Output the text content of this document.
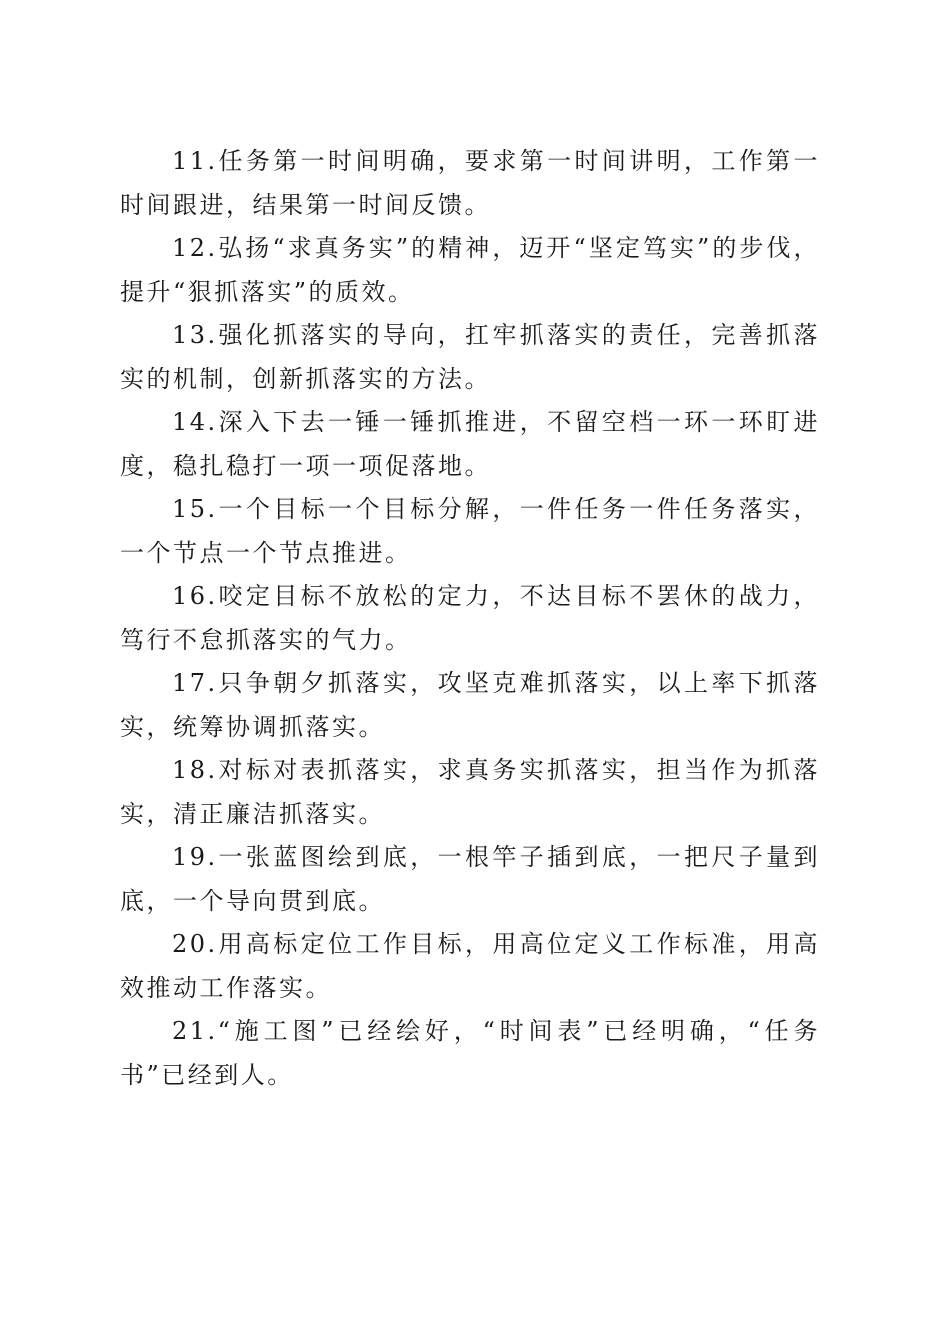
11.任务第一时间明确，要求第一时间讲明，工作第一时间跟进，结果第一时间反馈。

12.弘扬“求真务实”的精神，迈开“坚定笃实”的步伐，提升“狠抓落实”的质效。

13.强化抓落实的导向，扛牢抓落实的责任，完善抓落实的机制，创新抓落实的方法。

14.深入下去一锤一锤抓推进，不留空档一环一环盯进度，稳扎稳打一项一项促落地。

15.一个目标一个目标分解，一件任务一件任务落实，一个节点一个节点推进。

16.咬定目标不放松的定力，不达目标不罢休的战力，笃行不怠抓落实的气力。

17.只争朝夕抓落实，攻坚克难抓落实，以上率下抓落实，统筹协调抓落实。

18.对标对表抓落实，求真务实抓落实，担当作为抓落实，清正廉洁抓落实。

19.一张蓝图绘到底，一根竿子插到底，一把尺子量到底，一个导向贯到底。

20.用高标定位工作目标，用高位定义工作标准，用高效推动工作落实。

21.“施工图”已经绘好，“时间表”已经明确，“任务书”已经到人。
